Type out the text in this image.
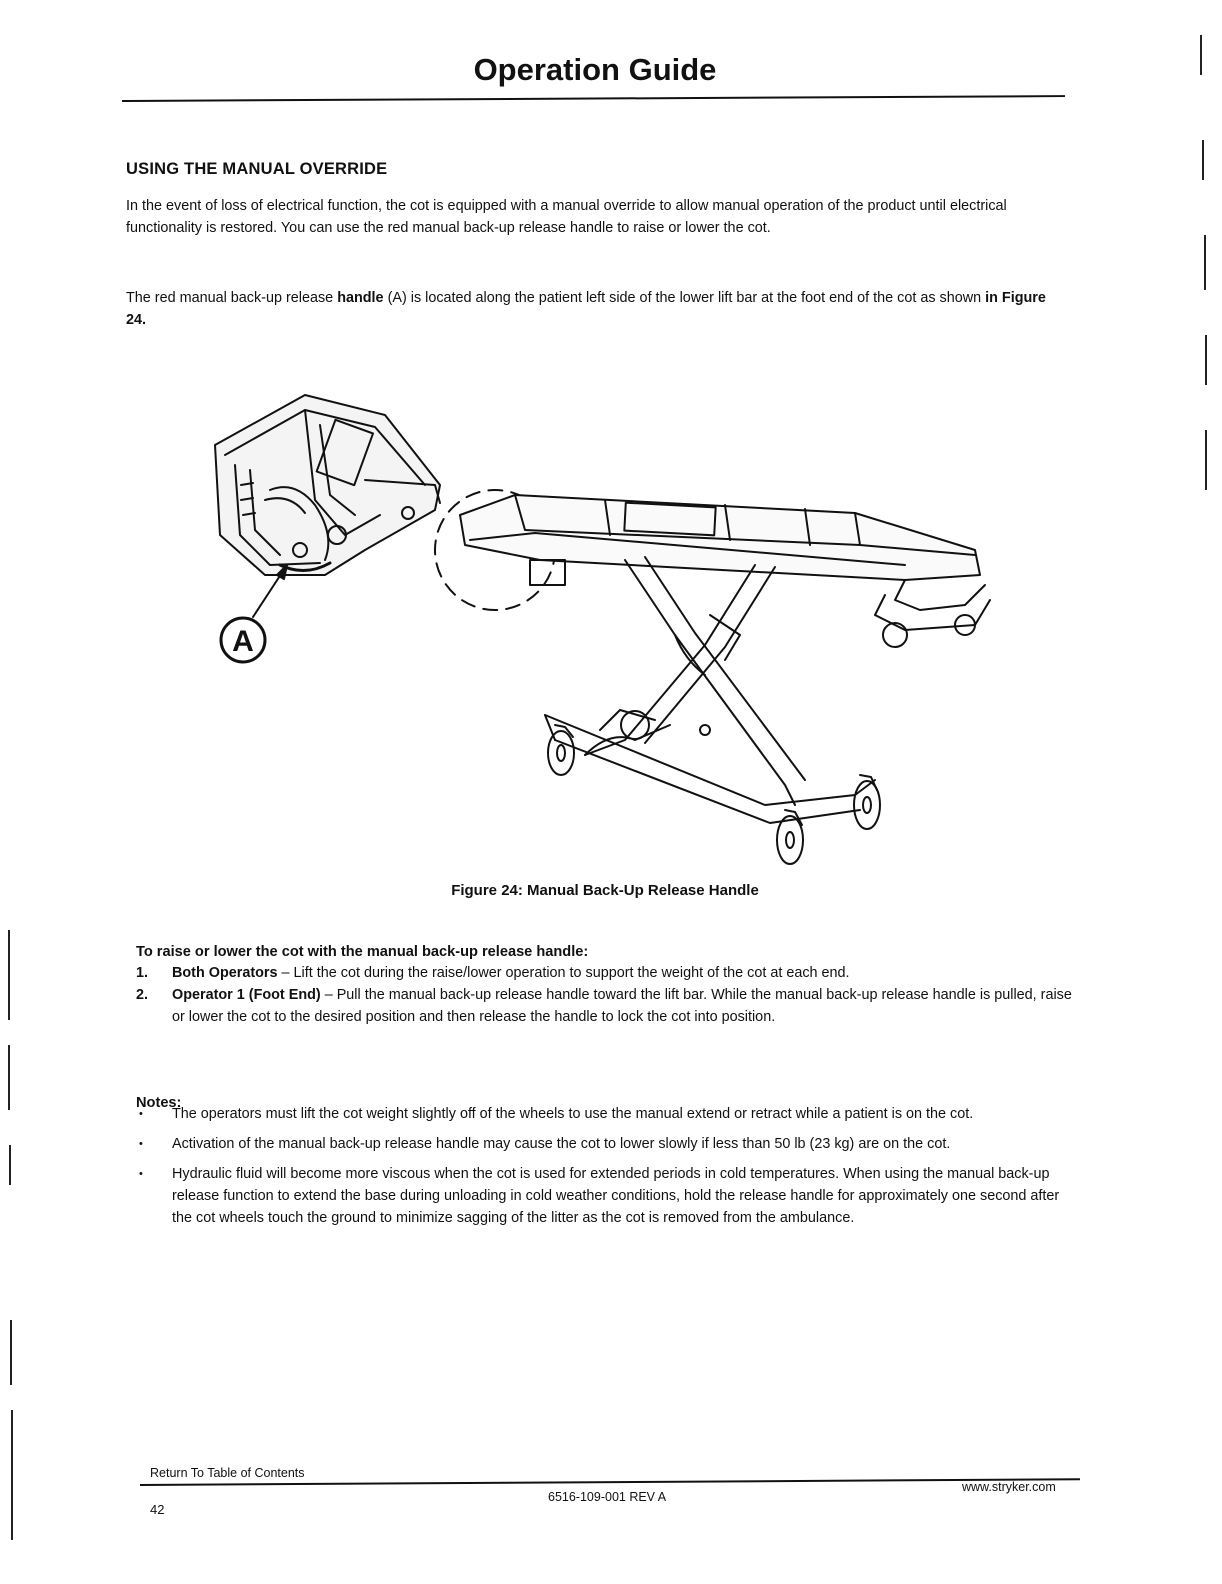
Operation Guide
USING THE MANUAL OVERRIDE
In the event of loss of electrical function, the cot is equipped with a manual override to allow manual operation of the product until electrical functionality is restored. You can use the red manual back-up release handle to raise or lower the cot.
The red manual back-up release handle (A) is located along the patient left side of the lower lift bar at the foot end of the cot as shown in Figure 24.
A
Figure 24: Manual Back-Up Release Handle
To raise or lower the cot with the manual back-up release handle:
1. Both Operators – Lift the cot during the raise/lower operation to support the weight of the cot at each end.
2. Operator 1 (Foot End) – Pull the manual back-up release handle toward the lift bar. While the manual back-up release handle is pulled, raise or lower the cot to the desired position and then release the handle to lock the cot into position.
Notes:
• The operators must lift the cot weight slightly off of the wheels to use the manual extend or retract while a patient is on the cot.
• Activation of the manual back-up release handle may cause the cot to lower slowly if less than 50 lb (23 kg) are on the cot.
• Hydraulic fluid will become more viscous when the cot is used for extended periods in cold temperatures. When using the manual back-up release function to extend the base during unloading in cold weather conditions, hold the release handle for approximately one second after the cot wheels touch the ground to minimize sagging of the litter as the cot is removed from the ambulance.
Return To Table of Contents
42
6516-109-001 REV A
www.stryker.com
